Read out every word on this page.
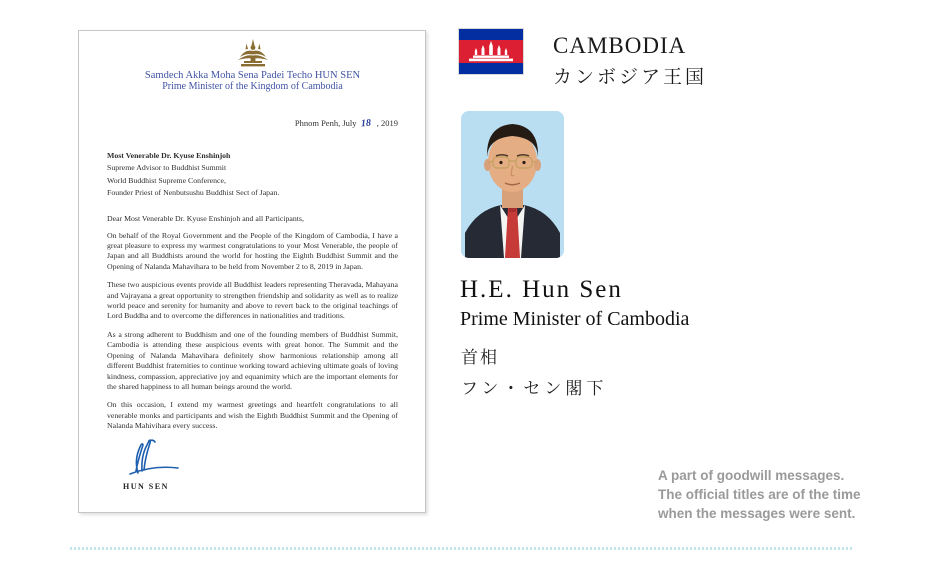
Samdech Akka Moha Sena Padei Techo HUN SEN
Prime Minister of the Kingdom of Cambodia
Phnom Penh, July 18 , 2019
Most Venerable Dr. Kyuse Enshinjoh
Supreme Advisor to Buddhist Summit
World Buddhist Supreme Conference,
Founder Priest of Nenbutsushu Buddhist Sect of Japan.
Dear Most Venerable Dr. Kyuse Enshinjoh and all Participants,

On behalf of the Royal Government and the People of the Kingdom of Cambodia, I have a great pleasure to express my warmest congratulations to your Most Venerable, the people of Japan and all Buddhists around the world for hosting the Eighth Buddhist Summit and the Opening of Nalanda Mahavihara to be held from November 2 to 8, 2019 in Japan.

These two auspicious events provide all Buddhist leaders representing Theravada, Mahayana and Vajrayana a great opportunity to strengthen friendship and solidarity as well as to realize world peace and serenity for humanity and above to revert back to the original teachings of Lord Buddha and to overcome the differences in nationalities and traditions.

As a strong adherent to Buddhism and one of the founding members of Buddhist Summit, Cambodia is attending these auspicious events with great honor. The Summit and the Opening of Nalanda Mahavihara definitely show harmonious relationship among all different Buddhist fraternities to continue working toward achieving ultimate goals of loving kindness, compassion, appreciative joy and equanimity which are the important elements for the shared happiness to all human beings around the world.

On this occasion, I extend my warmest greetings and heartfelt congratulations to all venerable monks and participants and wish the Eighth Buddhist Summit and the Opening of Nalanda Mahivihara every success.

HUN SEN
CAMBODIA
カンボジア王国
H.E. Hun Sen
Prime Minister of Cambodia
首相
フン・セン閣下
A part of goodwill messages.
The official titles are of the time
when the messages were sent.
